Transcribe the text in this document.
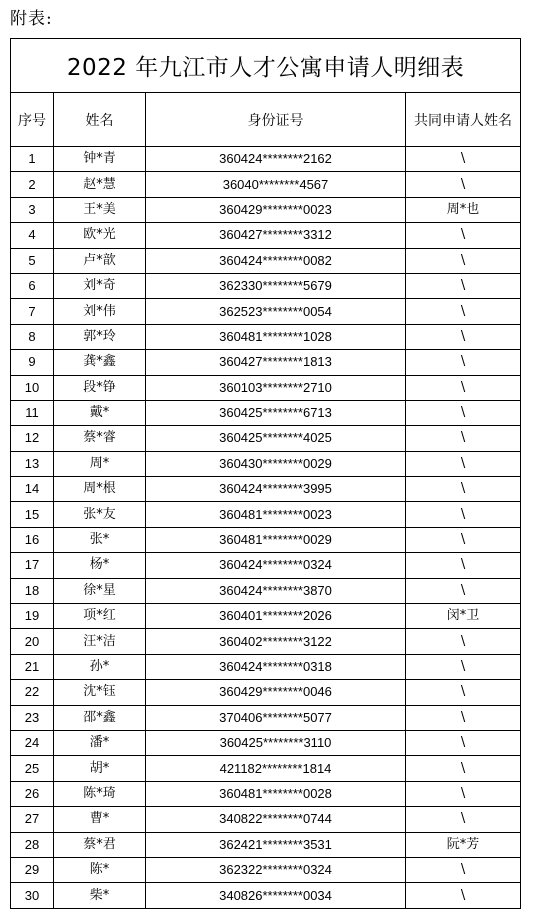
附表:
2022 年九江市人才公寓申请人明细表			
序号	姓名	身份证号	共同申请人姓名
1	钟*青	360424********2162	\
2	赵*慧	36040********4567	\
3	王*美	360429********0023	周*也
4	欧*光	360427********3312	\
5	卢*歆	360424********0082	\
6	刘*奇	362330********5679	\
7	刘*伟	362523********0054	\
8	郭*玲	360481********1028	\
9	龚*鑫	360427********1813	\
10	段*铮	360103********2710	\
11	戴*	360425********6713	\
12	蔡*睿	360425********4025	\
13	周*	360430********0029	\
14	周*根	360424********3995	\
15	张*友	360481********0023	\
16	张*	360481********0029	\
17	杨*	360424********0324	\
18	徐*星	360424********3870	\
19	项*红	360401********2026	闵*卫
20	汪*洁	360402********3122	\
21	孙*	360424********0318	\
22	沈*钰	360429********0046	\
23	邵*鑫	370406********5077	\
24	潘*	360425********3110	\
25	胡*	421182********1814	\
26	陈*琦	360481********0028	\
27	曹*	340822********0744	\
28	蔡*君	362421********3531	阮*芳
29	陈*	362322********0324	\
30	柴*	340826********0034	\
